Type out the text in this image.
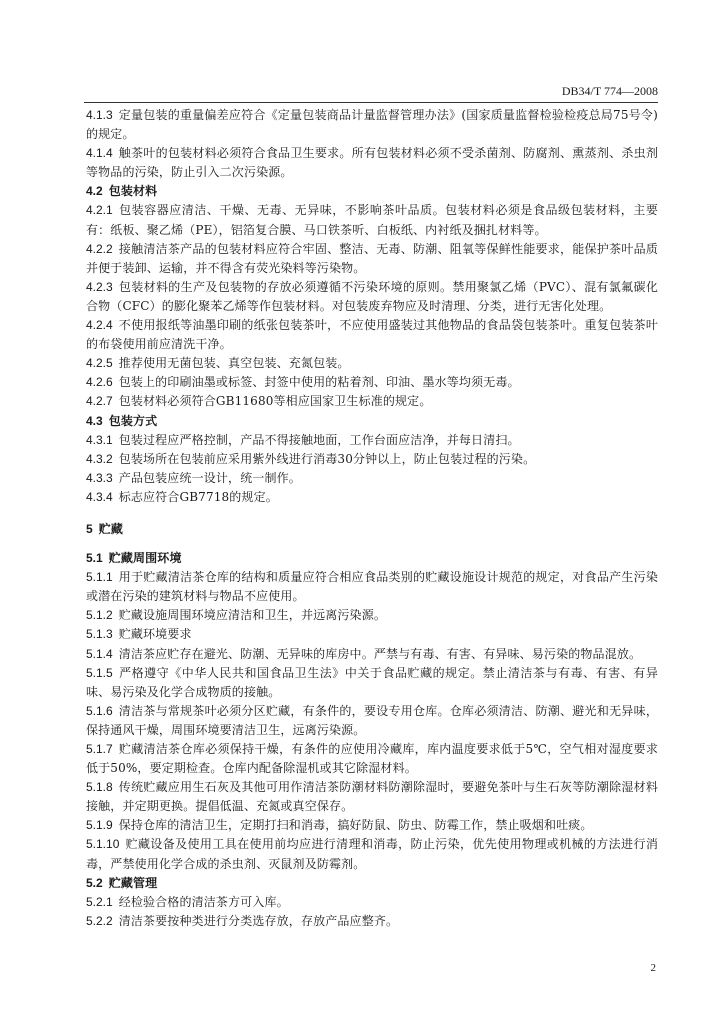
DB34/T 774—2008

4.1.3 定量包装的重量偏差应符合《定量包装商品计量监督管理办法》(国家质量监督检验检疫总局75号令)的规定。

4.1.4 触茶叶的包装材料必须符合食品卫生要求。所有包装材料必须不受杀菌剂、防腐剂、熏蒸剂、杀虫剂等物品的污染，防止引入二次污染源。

4.2 包装材料

4.2.1 包装容器应清洁、干燥、无毒、无异味，不影响茶叶品质。包装材料必须是食品级包装材料，主要有：纸板、聚乙烯（PE），铝箔复合膜、马口铁茶听、白板纸、内衬纸及捆扎材料等。

4.2.2 接触清洁茶产品的包装材料应符合牢固、整洁、无毒、防潮、阻氧等保鲜性能要求，能保护茶叶品质并便于装卸、运输，并不得含有荧光染料等污染物。

4.2.3 包装材料的生产及包装物的存放必须遵循不污染环境的原则。禁用聚氯乙烯（PVC）、混有氯氟碳化合物（CFC）的膨化聚苯乙烯等作包装材料。对包装废弃物应及时清理、分类，进行无害化处理。

4.2.4 不使用报纸等油墨印刷的纸张包装茶叶，不应使用盛装过其他物品的食品袋包装茶叶。重复包装茶叶的布袋使用前应清洗干净。

4.2.5 推荐使用无菌包装、真空包装、充氮包装。

4.2.6 包装上的印刷油墨或标签、封签中使用的粘着剂、印油、墨水等均须无毒。

4.2.7 包装材料必须符合GB11680等相应国家卫生标准的规定。

4.3 包装方式

4.3.1 包装过程应严格控制，产品不得接触地面，工作台面应洁净，并每日清扫。

4.3.2 包装场所在包装前应采用紫外线进行消毒30分钟以上，防止包装过程的污染。

4.3.3 产品包装应统一设计，统一制作。

4.3.4 标志应符合GB7718的规定。

5 贮藏

5.1 贮藏周围环境

5.1.1 用于贮藏清洁茶仓库的结构和质量应符合相应食品类别的贮藏设施设计规范的规定，对食品产生污染或潜在污染的建筑材料与物品不应使用。

5.1.2 贮藏设施周围环境应清洁和卫生，并远离污染源。

5.1.3 贮藏环境要求

5.1.4 清洁茶应贮存在避光、防潮、无异味的库房中。严禁与有毒、有害、有异味、易污染的物品混放。

5.1.5 严格遵守《中华人民共和国食品卫生法》中关于食品贮藏的规定。禁止清洁茶与有毒、有害、有异味、易污染及化学合成物质的接触。

5.1.6 清洁茶与常规茶叶必须分区贮藏，有条件的，要设专用仓库。仓库必须清洁、防潮、避光和无异味，保持通风干燥，周围环境要清洁卫生，远离污染源。

5.1.7 贮藏清洁茶仓库必须保持干燥，有条件的应使用冷藏库，库内温度要求低于5℃，空气相对湿度要求低于50%，要定期检查。仓库内配备除湿机或其它除湿材料。

5.1.8 传统贮藏应用生石灰及其他可用作清洁茶防潮材料防潮除湿时，要避免茶叶与生石灰等防潮除湿材料接触，并定期更换。提倡低温、充氮或真空保存。

5.1.9 保持仓库的清洁卫生，定期打扫和消毒，搞好防鼠、防虫、防霉工作，禁止吸烟和吐痰。

5.1.10 贮藏设备及使用工具在使用前均应进行清理和消毒，防止污染，优先使用物理或机械的方法进行消毒，严禁使用化学合成的杀虫剂、灭鼠剂及防霉剂。

5.2 贮藏管理

5.2.1 经检验合格的清洁茶方可入库。

5.2.2 清洁茶要按种类进行分类选存放，存放产品应整齐。

2
